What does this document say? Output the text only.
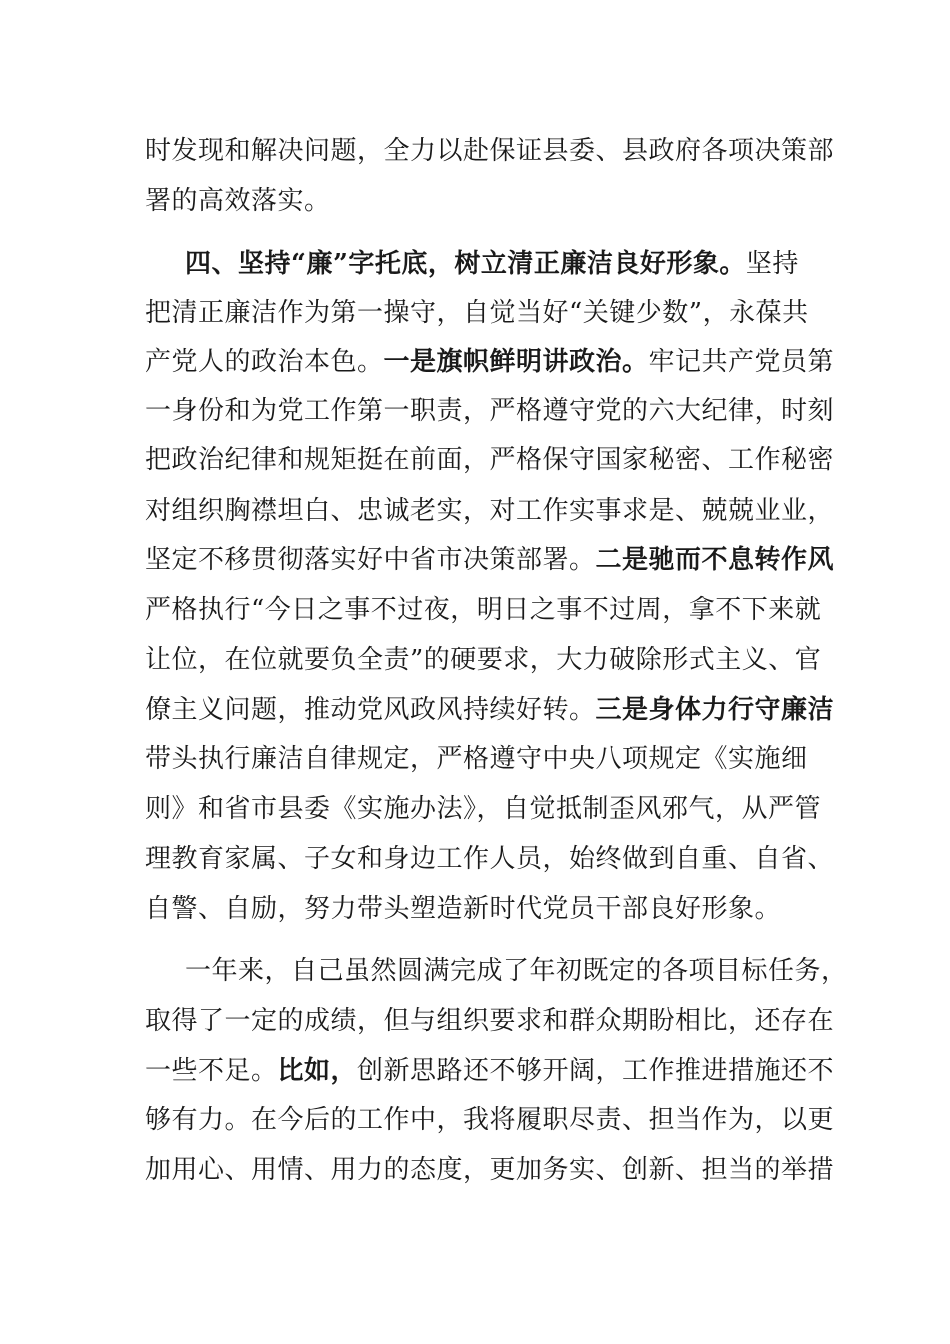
时发现和解决问题，全力以赴保证县委、县政府各项决策部
署的高效落实。
四、坚持“廉”字托底，树立清正廉洁良好形象。坚持
把清正廉洁作为第一操守，自觉当好“关键少数”，永葆共
产党人的政治本色。一是旗帜鲜明讲政治。牢记共产党员第
一身份和为党工作第一职责，严格遵守党的六大纪律，时刻
把政治纪律和规矩挺在前面，严格保守国家秘密、工作秘密
对组织胸襟坦白、忠诚老实，对工作实事求是、兢兢业业，
坚定不移贯彻落实好中省市决策部署。二是驰而不息转作风
严格执行“今日之事不过夜，明日之事不过周，拿不下来就
让位，在位就要负全责”的硬要求，大力破除形式主义、官
僚主义问题，推动党风政风持续好转。三是身体力行守廉洁
带头执行廉洁自律规定，严格遵守中央八项规定《实施细
则》和省市县委《实施办法》，自觉抵制歪风邪气，从严管
理教育家属、子女和身边工作人员，始终做到自重、自省、
自警、自励，努力带头塑造新时代党员干部良好形象。
一年来，自己虽然圆满完成了年初既定的各项目标任务，
取得了一定的成绩，但与组织要求和群众期盼相比，还存在
一些不足。比如，创新思路还不够开阔，工作推进措施还不
够有力。在今后的工作中，我将履职尽责、担当作为，以更
加用心、用情、用力的态度，更加务实、创新、担当的举措
